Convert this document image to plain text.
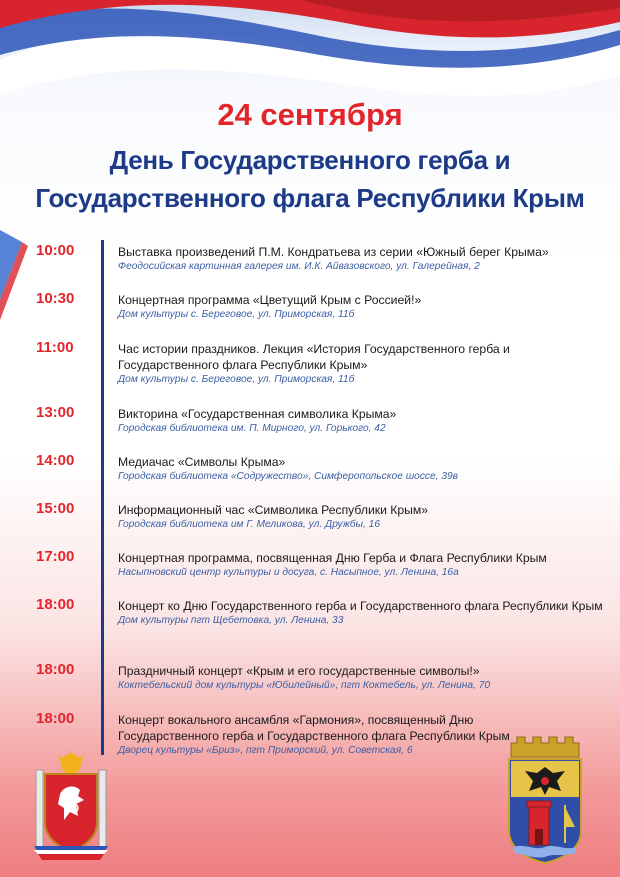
24 сентября
День Государственного герба и
Государственного флага Республики Крым
10:00	Выставка произведений П.М. Кондратьева из серии «Южный берег Крыма»
Феодосийская картинная галерея им. И.К. Айвазовского, ул. Галерейная, 2
10:30	Концертная программа «Цветущий Крым с Россией!»
Дом культуры с. Береговое, ул. Приморская, 11б
11:00	Час истории праздников. Лекция «История Государственного герба и Государственного флага Республики Крым»
Дом культуры с. Береговое, ул. Приморская, 11б
13:00	Викторина «Государственная символика Крыма»
Городская библиотека им. П. Мирного, ул. Горького, 42
14:00	Медиачас «Символы Крыма»
Городская библиотека «Содружество», Симферопольское шоссе, 39в
15:00	Информационный час «Символика Республики Крым»
Городская библиотека им Г. Меликова, ул. Дружбы, 16
17:00	Концертная программа, посвященная Дню Герба и Флага Республики Крым
Насыпновский центр культуры и досуга, с. Насыпное, ул. Ленина, 16а
18:00	Концерт ко Дню Государственного герба и Государственного флага Республики Крым
Дом культуры пгт Щебетовка, ул. Ленина, 33
18:00	Праздничный концерт «Крым и его государственные символы!»
Коктебельский дом культуры «Юбилейный», пгт Коктебель, ул. Ленина, 70
18:00	Концерт вокального ансамбля «Гармония», посвященный Дню Государственного герба и Государственного флага Республики Крым
Дворец культуры «Бриз», пгт Приморский, ул. Советская, 6
